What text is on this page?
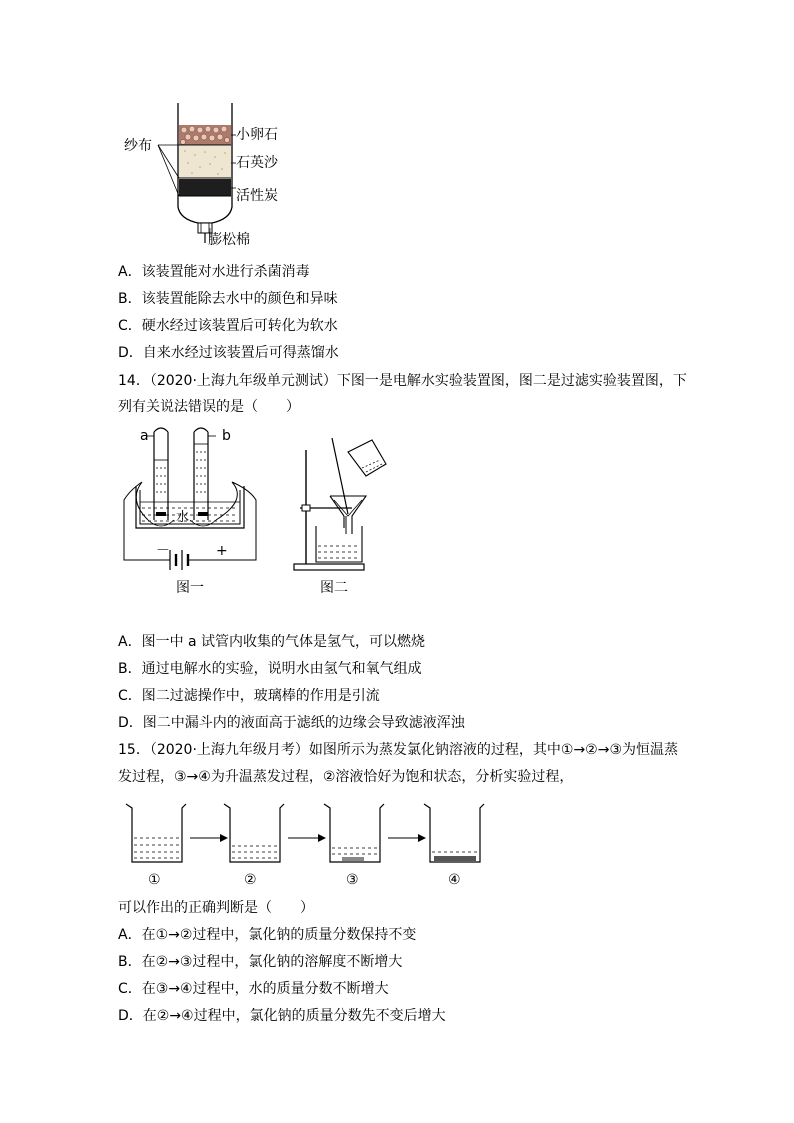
纱布
小卵石
石英沙
活性炭
膨松棉
A．该装置能对水进行杀菌消毒
B．该装置能除去水中的颜色和异味
C．硬水经过该装置后可转化为软水
D．自来水经过该装置后可得蒸馏水
14．（2020·上海九年级单元测试）下图一是电解水实验装置图，图二是过滤实验装置图，下
列有关说法错误的是（　　）
a	b
水
－	+
图一	图二
A．图一中 a 试管内收集的气体是氢气，可以燃烧
B．通过电解水的实验，说明水由氢气和氧气组成
C．图二过滤操作中，玻璃棒的作用是引流
D．图二中漏斗内的液面高于滤纸的边缘会导致滤液浑浊
15．（2020·上海九年级月考）如图所示为蒸发氯化钠溶液的过程，其中①→②→③为恒温蒸
发过程，③→④为升温蒸发过程，②溶液恰好为饱和状态，分析实验过程，
①	②	③	④
可以作出的正确判断是（　　）
A．在①→②过程中，氯化钠的质量分数保持不变
B．在②→③过程中，氯化钠的溶解度不断增大
C．在③→④过程中，水的质量分数不断增大
D．在②→④过程中，氯化钠的质量分数先不变后增大
